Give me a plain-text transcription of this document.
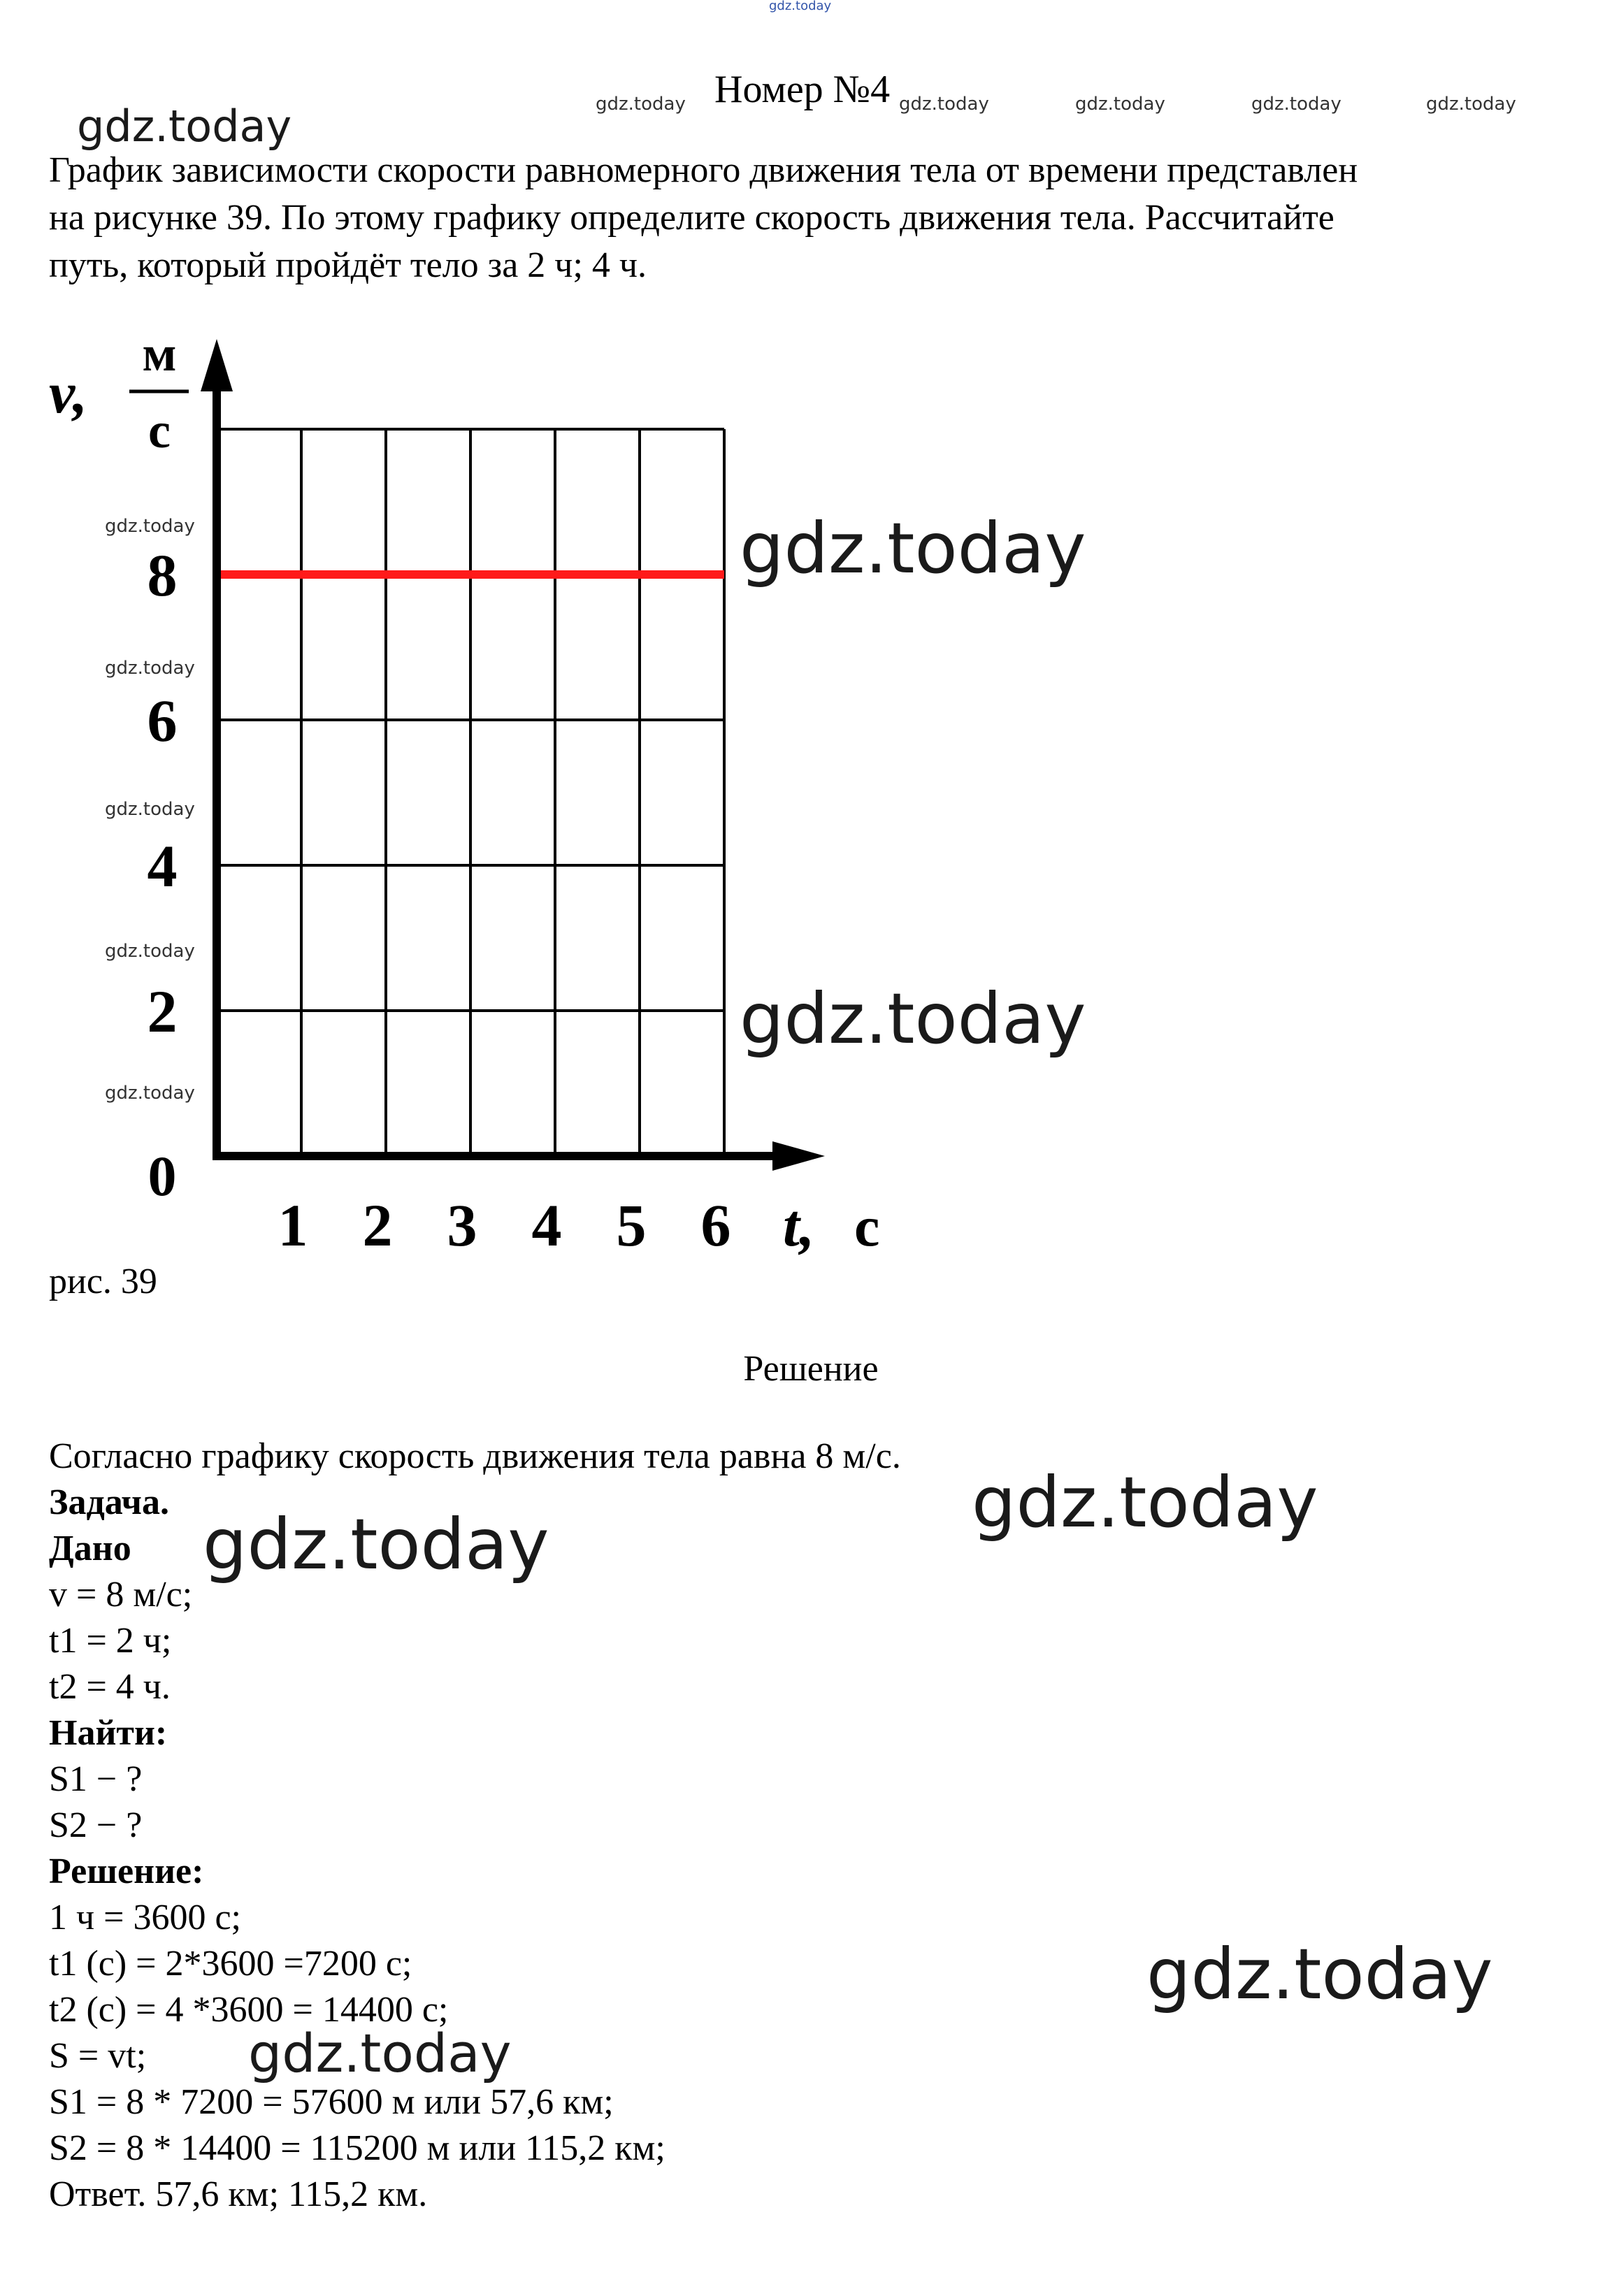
gdz.today
Номер №4
gdz.today	gdz.today	gdz.today	gdz.today	gdz.today
gdz.today
График зависимости скорости равномерного движения тела от времени представлен
на рисунке 39. По этому графику определите скорость движения тела. Рассчитайте
путь, который пройдёт тело за 2 ч; 4 ч.
v,
м
с
0
t, с
1 2 3 4 5 6
2
4
6
8
gdz.today
gdz.today
gdz.today
gdz.today
gdz.today
gdz.today
gdz.today
рис. 39
Решение
Согласно графику скорость движения тела равна 8 м/с.
Задача.
Дано
v = 8 м/с;
t1 = 2 ч;
t2 = 4 ч.
Найти:
S1 − ?
S2 − ?
Решение:
1 ч = 3600 с;
t1 (с) = 2*3600 =7200 с;
t2 (с) = 4 *3600 = 14400 с;
S = vt;
S1 = 8 * 7200 = 57600 м или 57,6 км;
S2 = 8 * 14400 = 115200 м или 115,2 км;
Ответ. 57,6 км; 115,2 км.
gdz.today
gdz.today
gdz.today
gdz.today
